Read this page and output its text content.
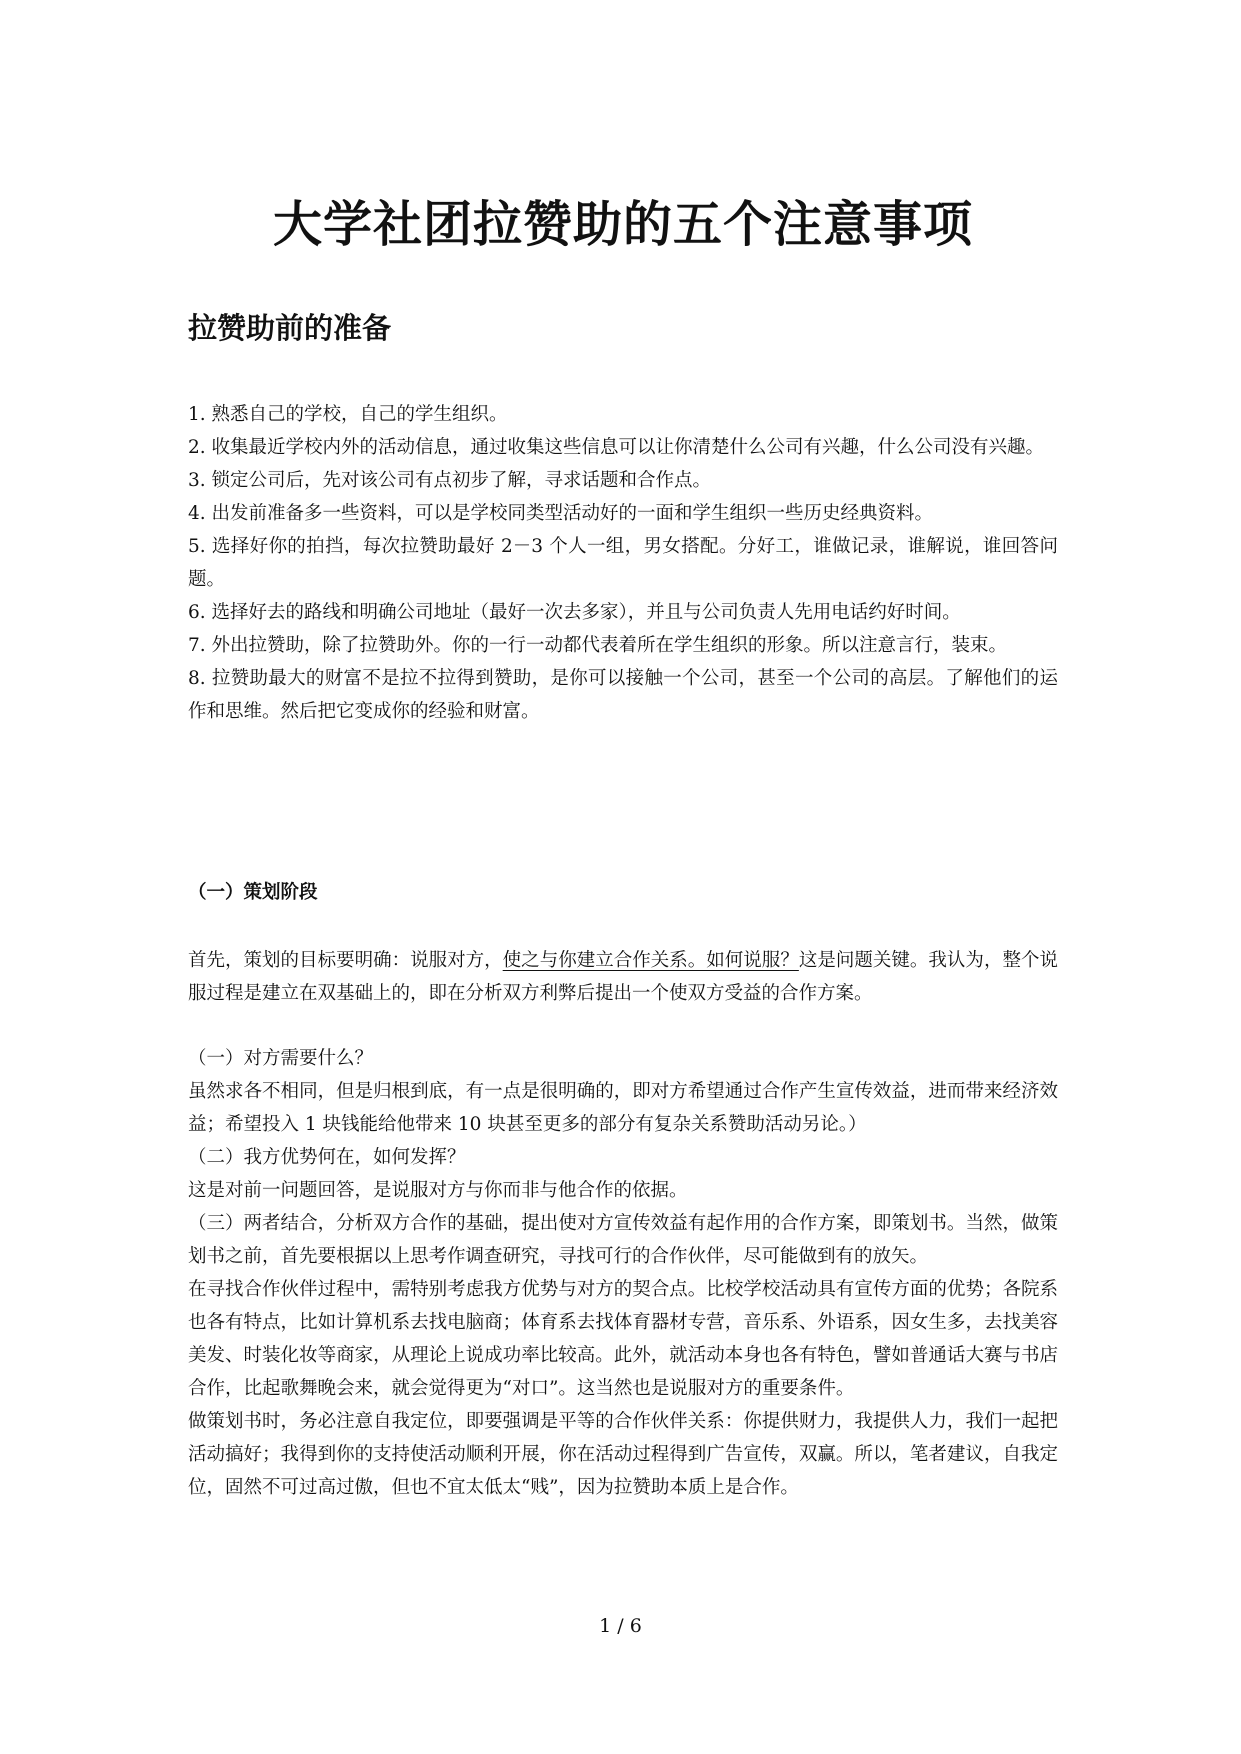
大学社团拉赞助的五个注意事项
拉赞助前的准备
1. 熟悉自己的学校，自己的学生组织。
2. 收集最近学校内外的活动信息，通过收集这些信息可以让你清楚什么公司有兴趣，什么公司没有兴趣。
3. 锁定公司后，先对该公司有点初步了解，寻求话题和合作点。
4. 出发前准备多一些资料，可以是学校同类型活动好的一面和学生组织一些历史经典资料。
5. 选择好你的拍挡，每次拉赞助最好 2－3 个人一组，男女搭配。分好工，谁做记录，谁解说，谁回答问题。
6. 选择好去的路线和明确公司地址（最好一次去多家），并且与公司负责人先用电话约好时间。
7. 外出拉赞助，除了拉赞助外。你的一行一动都代表着所在学生组织的形象。所以注意言行，装束。
8. 拉赞助最大的财富不是拉不拉得到赞助，是你可以接触一个公司，甚至一个公司的高层。了解他们的运作和思维。然后把它变成你的经验和财富。
（一）策划阶段

首先，策划的目标要明确：说服对方，使之与你建立合作关系。如何说服？这是问题关键。我认为，整个说服过程是建立在双基础上的，即在分析双方利弊后提出一个使双方受益的合作方案。

（一）对方需要什么？

虽然求各不相同，但是归根到底，有一点是很明确的，即对方希望通过合作产生宣传效益，进而带来经济效益；希望投入 1 块钱能给他带来 10 块甚至更多的部分有复杂关系赞助活动另论。）

（二）我方优势何在，如何发挥？

这是对前一问题回答，是说服对方与你而非与他合作的依据。

（三）两者结合，分析双方合作的基础，提出使对方宣传效益有起作用的合作方案，即策划书。当然，做策划书之前，首先要根据以上思考作调查研究，寻找可行的合作伙伴，尽可能做到有的放矢。

在寻找合作伙伴过程中，需特别考虑我方优势与对方的契合点。比校学校活动具有宣传方面的优势；各院系也各有特点，比如计算机系去找电脑商；体育系去找体育器材专营，音乐系、外语系，因女生多，去找美容美发、时装化妆等商家，从理论上说成功率比较高。此外，就活动本身也各有特色，譬如普通话大赛与书店合作，比起歌舞晚会来，就会觉得更为“对口”。这当然也是说服对方的重要条件。

做策划书时，务必注意自我定位，即要强调是平等的合作伙伴关系：你提供财力，我提供人力，我们一起把活动搞好；我得到你的支持使活动顺利开展，你在活动过程得到广告宣传，双赢。所以，笔者建议，自我定位，固然不可过高过傲，但也不宜太低太“贱”，因为拉赞助本质上是合作。

1 / 6
